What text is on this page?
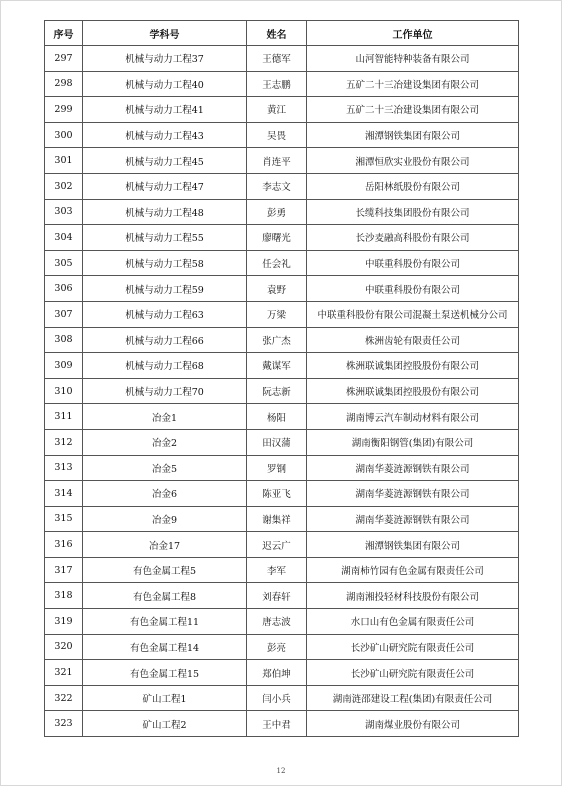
序号	学科号	姓名	工作单位
297	机械与动力工程37	王德军	山河智能特种装备有限公司
298	机械与动力工程40	王志鹏	五矿二十三冶建设集团有限公司
299	机械与动力工程41	黄江	五矿二十三冶建设集团有限公司
300	机械与动力工程43	吴畏	湘潭钢铁集团有限公司
301	机械与动力工程45	肖连平	湘潭恒欣实业股份有限公司
302	机械与动力工程47	李志文	岳阳林纸股份有限公司
303	机械与动力工程48	彭勇	长缆科技集团股份有限公司
304	机械与动力工程55	廖曙光	长沙麦融高科股份有限公司
305	机械与动力工程58	任会礼	中联重科股份有限公司
306	机械与动力工程59	袁野	中联重科股份有限公司
307	机械与动力工程63	万梁	中联重科股份有限公司混凝土泵送机械分公司
308	机械与动力工程66	张广杰	株洲齿轮有限责任公司
309	机械与动力工程68	戴谋军	株洲联诚集团控股股份有限公司
310	机械与动力工程70	阮志新	株洲联诚集团控股股份有限公司
311	冶金1	杨阳	湖南博云汽车制动材料有限公司
312	冶金2	田汉蒲	湖南衡阳钢管(集团)有限公司
313	冶金5	罗钢	湖南华菱涟源钢铁有限公司
314	冶金6	陈亚飞	湖南华菱涟源钢铁有限公司
315	冶金9	谢集祥	湖南华菱涟源钢铁有限公司
316	冶金17	迟云广	湘潭钢铁集团有限公司
317	有色金属工程5	李军	湖南柿竹园有色金属有限责任公司
318	有色金属工程8	刘春轩	湖南湘投轻材科技股份有限公司
319	有色金属工程11	唐志波	水口山有色金属有限责任公司
320	有色金属工程14	彭亮	长沙矿山研究院有限责任公司
321	有色金属工程15	郑伯坤	长沙矿山研究院有限责任公司
322	矿山工程1	闫小兵	湖南涟邵建设工程(集团)有限责任公司
323	矿山工程2	王中君	湖南煤业股份有限公司
12
